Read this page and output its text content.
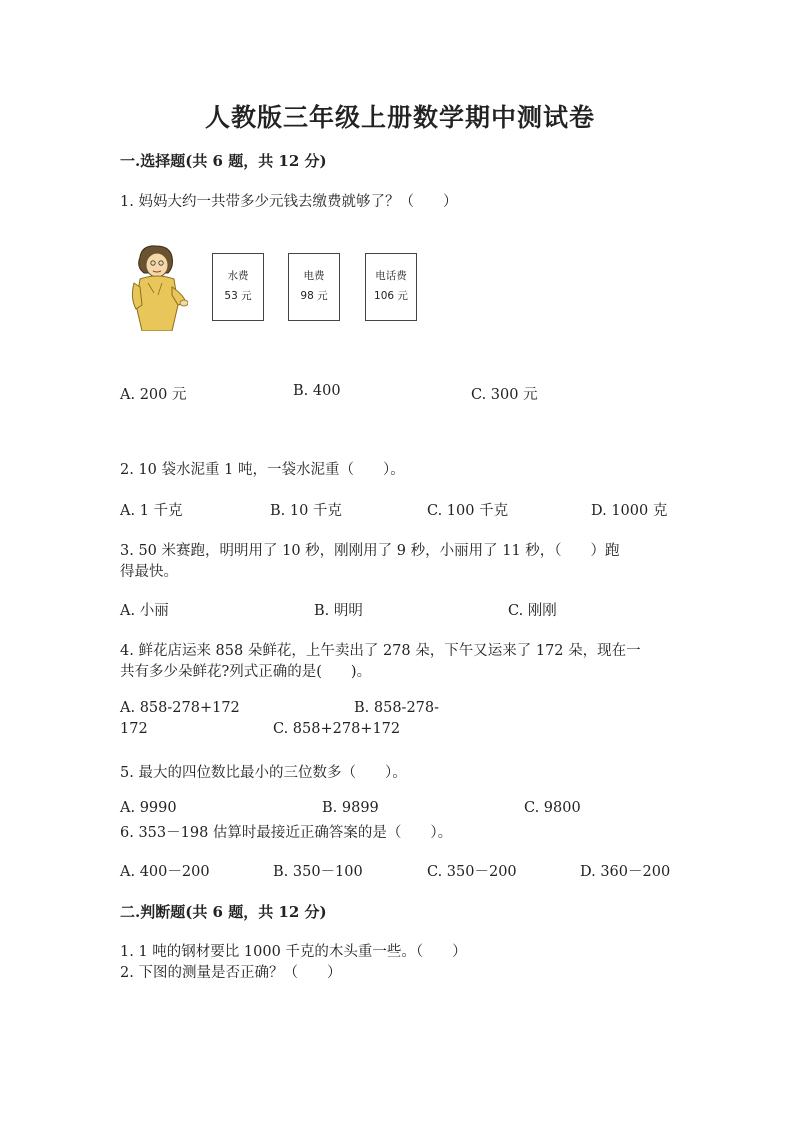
人教版三年级上册数学期中测试卷
一.选择题(共 6 题，共 12 分)
1. 妈妈大约一共带多少元钱去缴费就够了？（　　）
水费
53 元
电费
98 元
电话费
106 元
A. 200 元	B. 400	C. 300 元
2. 10 袋水泥重 1 吨，一袋水泥重（　　）。
A. 1 千克	B. 10 千克	C. 100 千克	D. 1000 克
3. 50 米赛跑，明明用了 10 秒，刚刚用了 9 秒，小丽用了 11 秒，（　　）跑
得最快。
A. 小丽	B. 明明	C. 刚刚
4. 鲜花店运来 858 朵鲜花，上午卖出了 278 朵，下午又运来了 172 朵，现在一
共有多少朵鲜花?列式正确的是(　　)。
A. 858-278+172	B. 858-278-
172	C. 858+278+172
5. 最大的四位数比最小的三位数多（　　）。
A. 9990	B. 9899	C. 9800
6. 353－198 估算时最接近正确答案的是（　　）。
A. 400－200	B. 350－100	C. 350－200	D. 360－200
二.判断题(共 6 题，共 12 分)
1. 1 吨的钢材要比 1000 千克的木头重一些。（　　）
2. 下图的测量是否正确？（　　）
